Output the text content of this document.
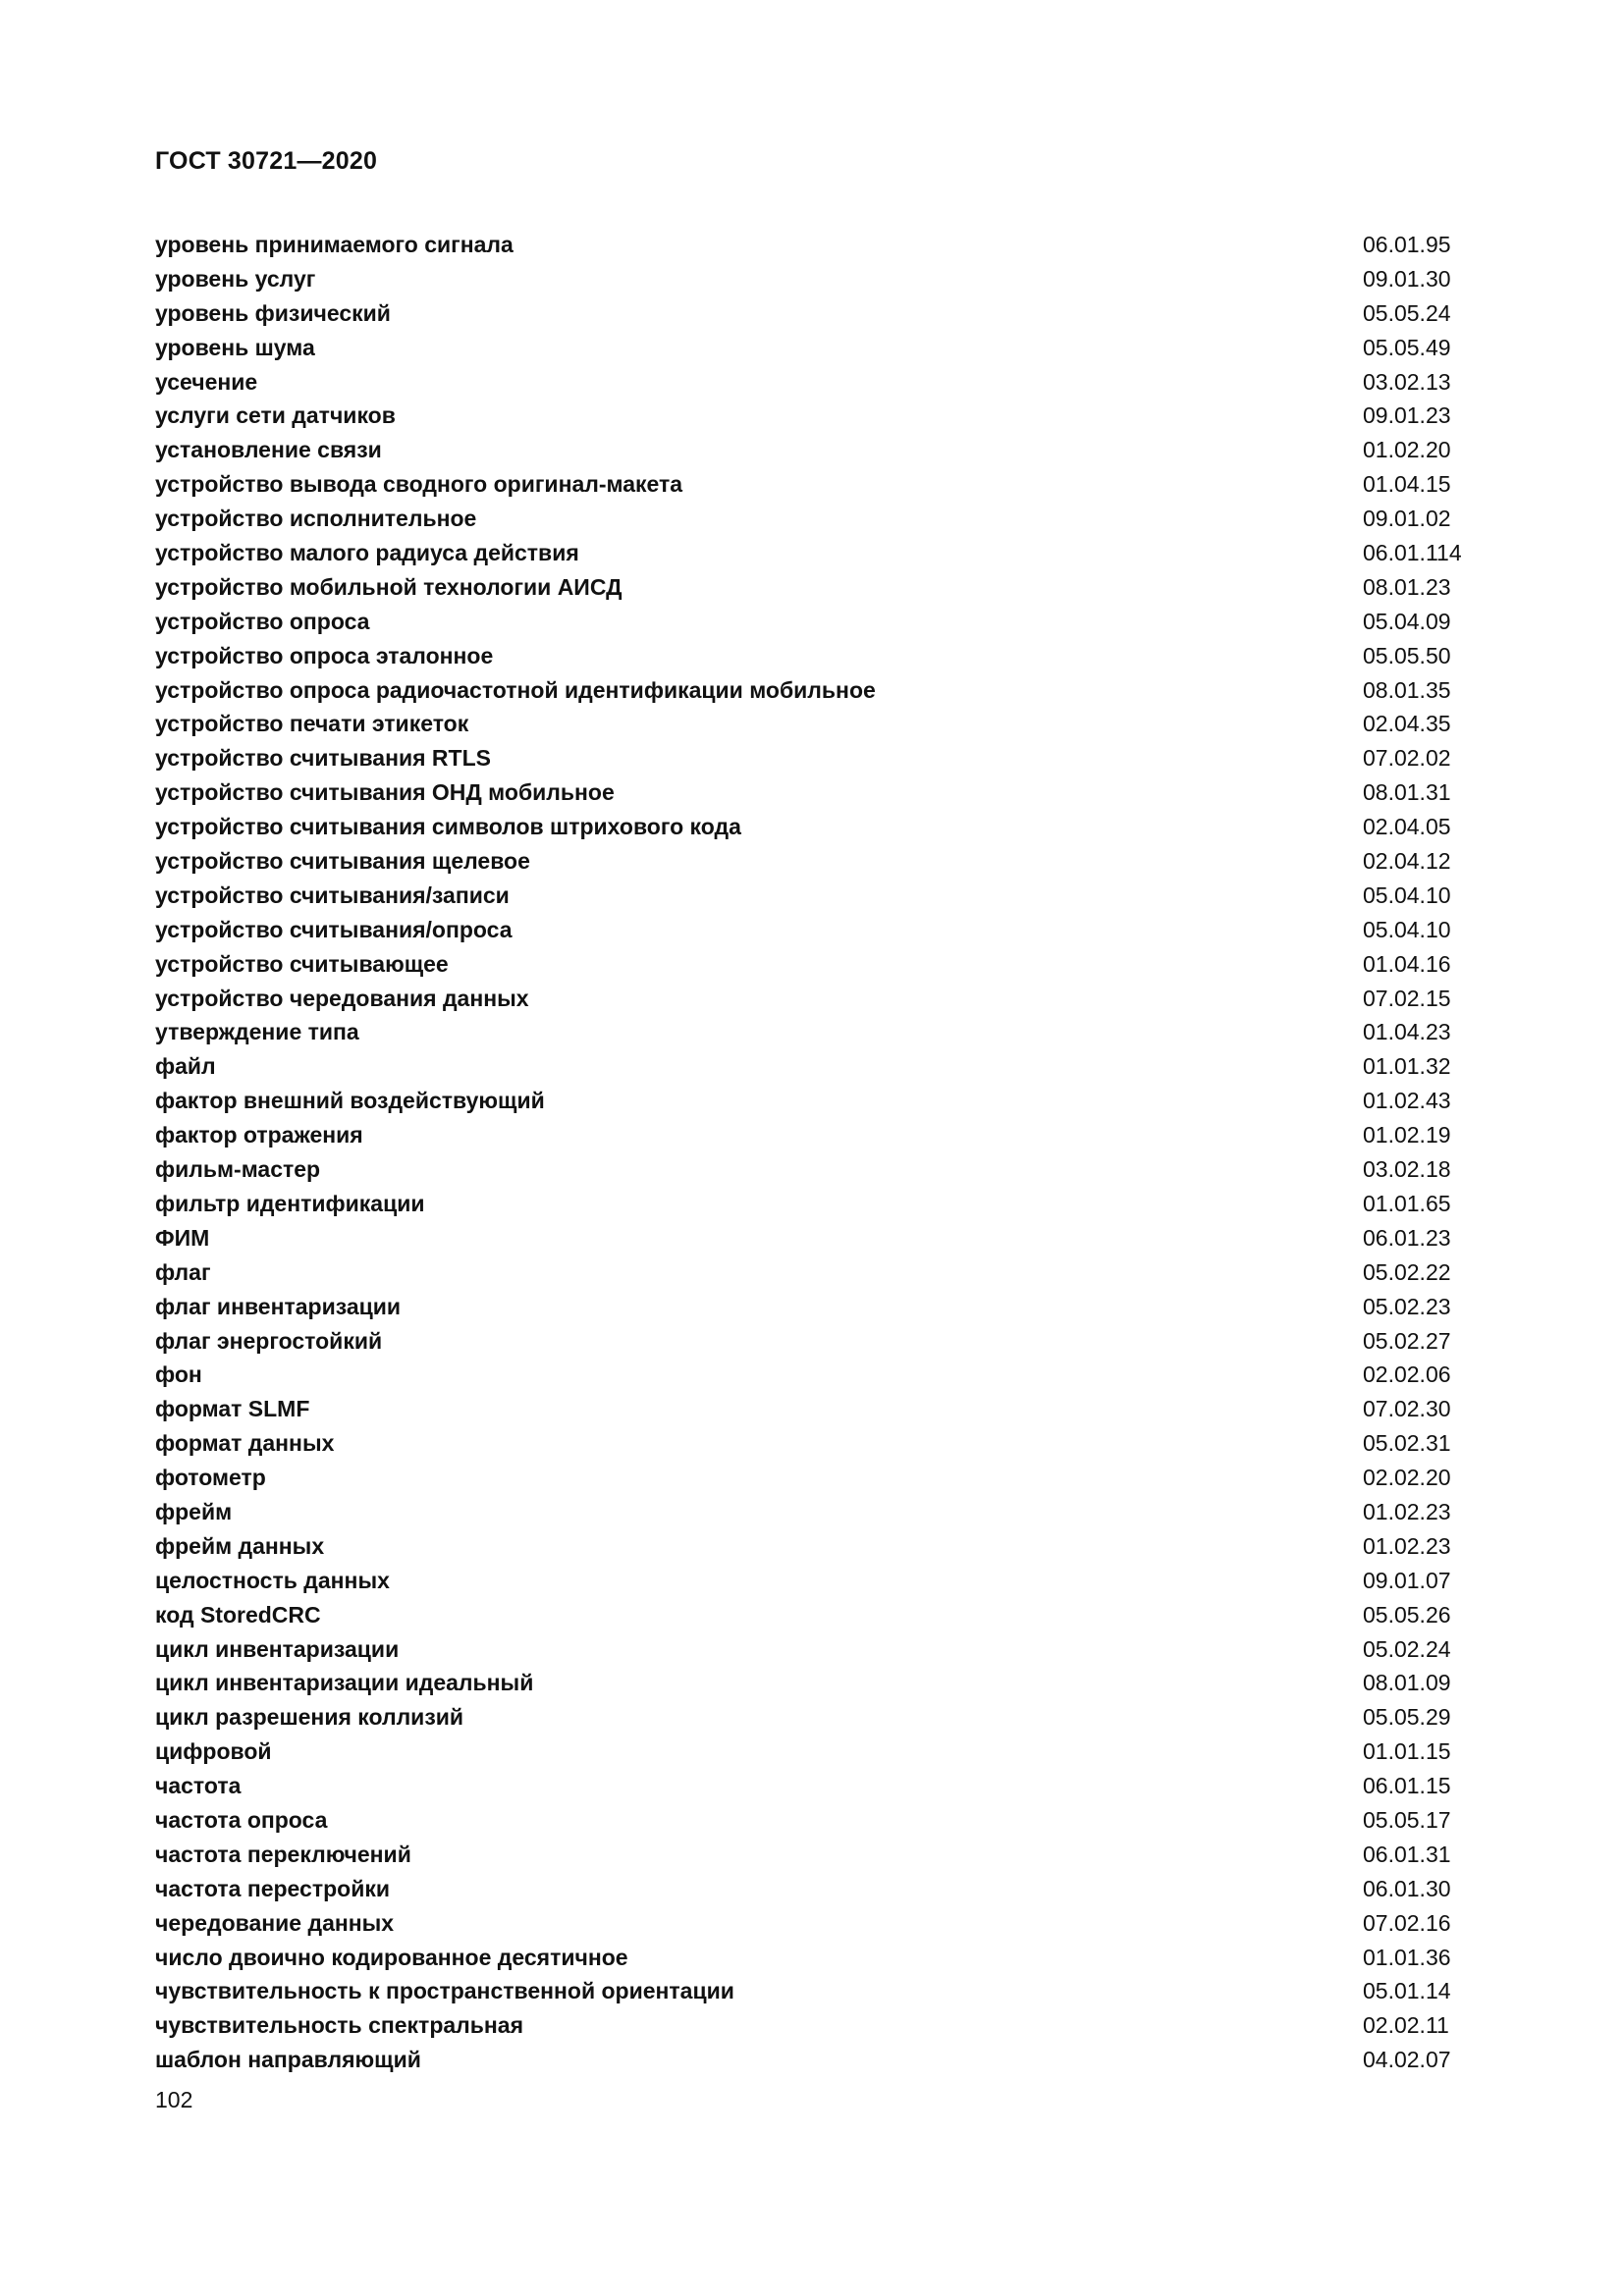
ГОСТ 30721—2020
уровень принимаемого сигнала	06.01.95
уровень услуг	09.01.30
уровень физический	05.05.24
уровень шума	05.05.49
усечение	03.02.13
услуги сети датчиков	09.01.23
установление связи	01.02.20
устройство вывода сводного оригинал-макета	01.04.15
устройство исполнительное	09.01.02
устройство малого радиуса действия	06.01.114
устройство мобильной технологии АИСД	08.01.23
устройство опроса	05.04.09
устройство опроса эталонное	05.05.50
устройство опроса радиочастотной идентификации мобильное	08.01.35
устройство печати этикеток	02.04.35
устройство считывания RTLS	07.02.02
устройство считывания ОНД мобильное	08.01.31
устройство считывания символов штрихового кода	02.04.05
устройство считывания щелевое	02.04.12
устройство считывания/записи	05.04.10
устройство считывания/опроса	05.04.10
устройство считывающее	01.04.16
устройство чередования данных	07.02.15
утверждение типа	01.04.23
файл	01.01.32
фактор внешний воздействующий	01.02.43
фактор отражения	01.02.19
фильм-мастер	03.02.18
фильтр идентификации	01.01.65
ФИМ	06.01.23
флаг	05.02.22
флаг инвентаризации	05.02.23
флаг энергостойкий	05.02.27
фон	02.02.06
формат SLMF	07.02.30
формат данных	05.02.31
фотометр	02.02.20
фрейм	01.02.23
фрейм данных	01.02.23
целостность данных	09.01.07
код StoredCRC	05.05.26
цикл инвентаризации	05.02.24
цикл инвентаризации идеальный	08.01.09
цикл разрешения коллизий	05.05.29
цифровой	01.01.15
частота	06.01.15
частота опроса	05.05.17
частота переключений	06.01.31
частота перестройки	06.01.30
чередование данных	07.02.16
число двоично кодированное десятичное	01.01.36
чувствительность к пространственной ориентации	05.01.14
чувствительность спектральная	02.02.11
шаблон направляющий	04.02.07
102
